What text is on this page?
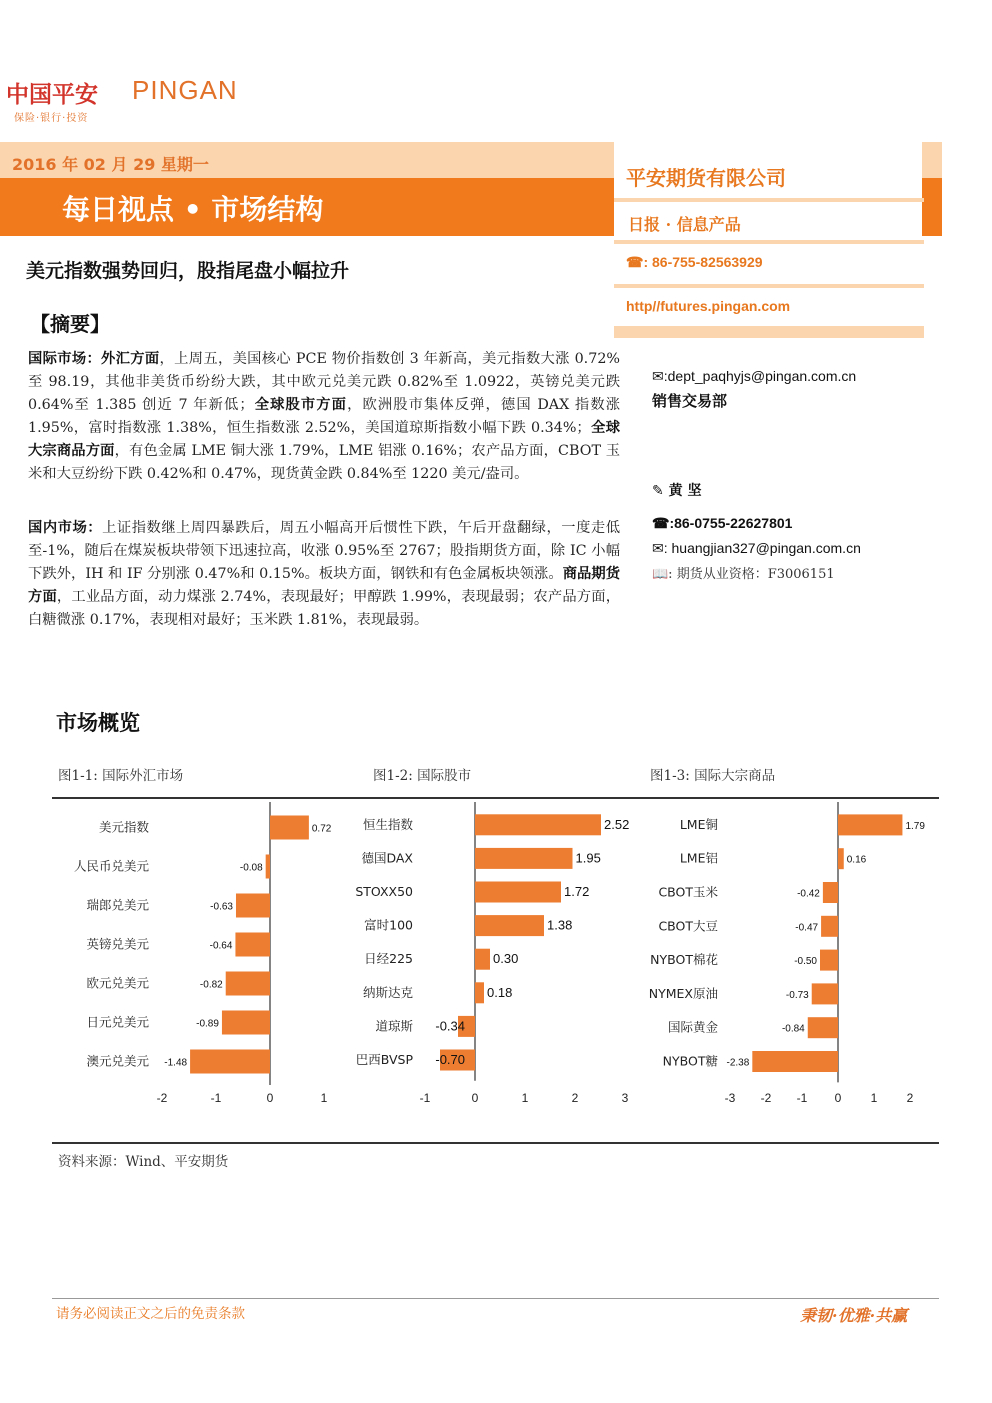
中国平安 PINGAN
保险·银行·投资
2016 年 02 月 29 星期一
每日视点 • 市场结构
平安期货有限公司
日报 · 信息产品
☎: 86-755-82563929
http//futures.pingan.com
美元指数强势回归，股指尾盘小幅拉升
【摘要】
国际市场：外汇方面，上周五，美国核心 PCE 物价指数创 3 年新高，美元指数大涨 0.72%至 98.19，其他非美货币纷纷大跌，其中欧元兑美元跌 0.82%至 1.0922，英镑兑美元跌 0.64%至 1.385 创近 7 年新低；全球股市方面，欧洲股市集体反弹，德国 DAX 指数涨 1.95%，富时指数涨 1.38%，恒生指数涨 2.52%，美国道琼斯指数小幅下跌 0.34%；全球大宗商品方面，有色金属 LME 铜大涨 1.79%，LME 铝涨 0.16%；农产品方面，CBOT 玉米和大豆纷纷下跌 0.42%和 0.47%，现货黄金跌 0.84%至 1220 美元/盎司。
国内市场：上证指数继上周四暴跌后，周五小幅高开后惯性下跌，午后开盘翻绿，一度走低至-1%，随后在煤炭板块带领下迅速拉高，收涨 0.95%至 2767；股指期货方面，除 IC 小幅下跌外，IH 和 IF 分别涨 0.47%和 0.15%。板块方面，钢铁和有色金属板块领涨。商品期货方面，工业品方面，动力煤涨 2.74%，表现最好；甲醇跌 1.99%，表现最弱；农产品方面，白糖微涨 0.17%，表现相对最好；玉米跌 1.81%，表现最弱。
✉:dept_paqhyjs@pingan.com.cn
销售交易部
✎ 黄 坚
☎:86-0755-22627801
✉: huangjian327@pingan.com.cn
📖: 期货从业资格：F3006151
市场概览
图1-1: 国际外汇市场	图1-2: 国际股市	图1-3: 国际大宗商品
美元指数	0.72
人民币兑美元	-0.08
瑞郎兑美元	-0.63
英镑兑美元	-0.64
欧元兑美元	-0.82
日元兑美元	-0.89
澳元兑美元 -1.48
-2	-1	0	1
恒生指数	2.52
德国DAX	1.95
STOXX50	1.72
富时100	1.38
日经225	0.30
纳斯达克	0.18
道琼斯 -0.34
巴西BVSP -0.70
-1	0	1	2	3
LME铜	1.79
LME铝	0.16
CBOT玉米	-0.42
CBOT大豆	-0.47
NYBOT棉花	-0.50
NYMEX原油	-0.73
国际黄金	-0.84
NYBOT糖 -2.38
-3 -2 -1 0 1 2
资料来源：Wind、平安期货
请务必阅读正文之后的免责条款	秉韧·优雅·共赢
